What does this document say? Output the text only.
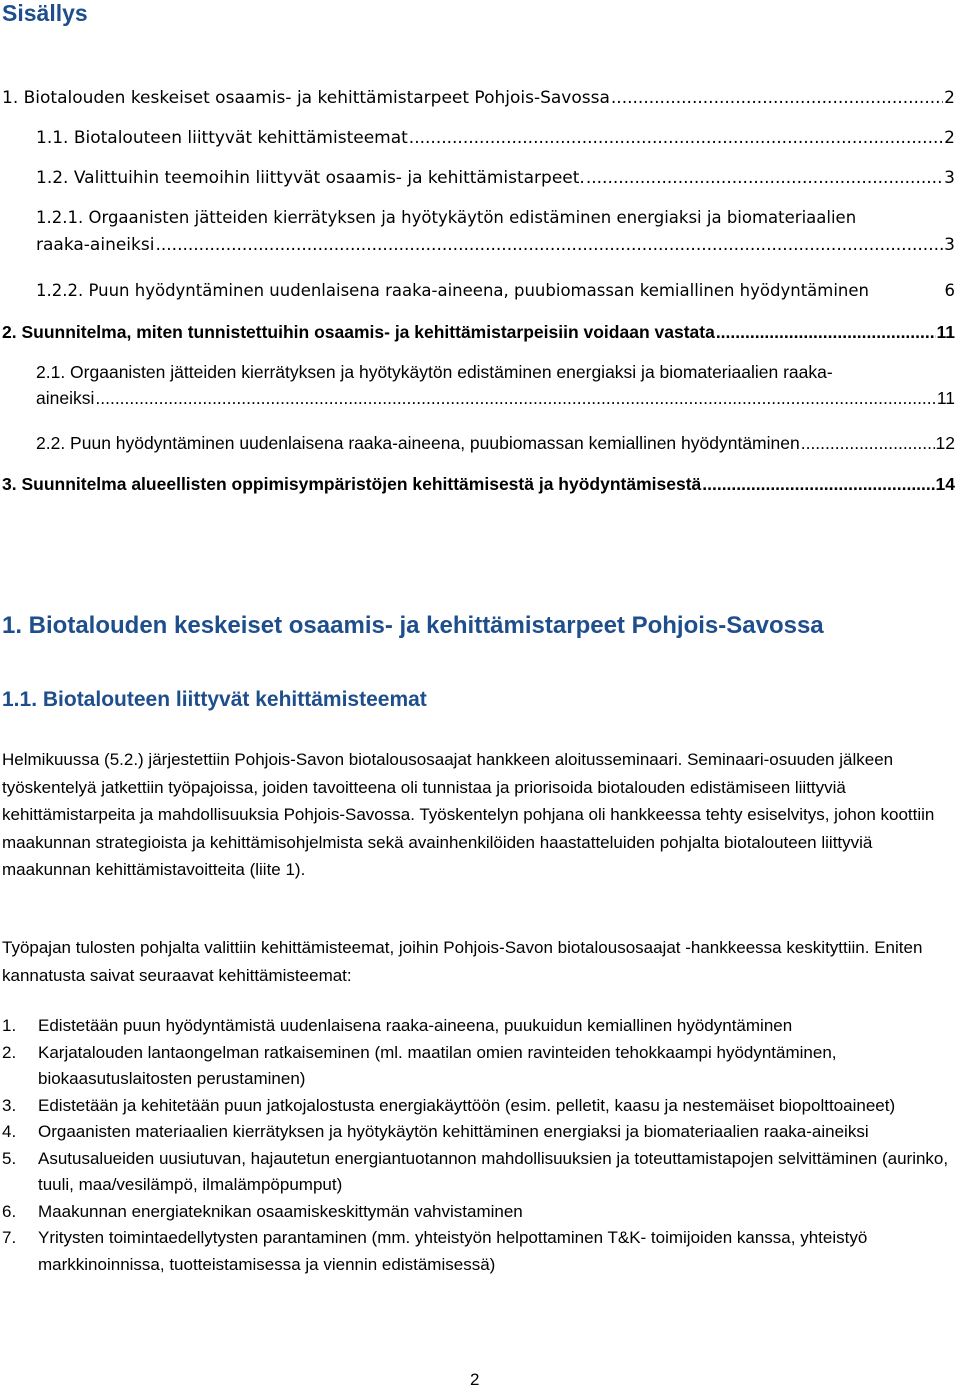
Sisällys
1. Biotalouden keskeiset osaamis- ja kehittämistarpeet Pohjois-Savossa .....	2
1.1. Biotalouteen liittyvät kehittämisteemat .....	2
1.2. Valittuihin teemoihin liittyvät osaamis- ja kehittämistarpeet. .....	3
1.2.1. Orgaanisten jätteiden kierrätyksen ja hyötykäytön edistäminen energiaksi ja biomateriaalien
raaka-aineiksi .....	3
1.2.2. Puun hyödyntäminen uudenlaisena raaka-aineena, puubiomassan kemiallinen hyödyntäminen	6
2. Suunnitelma, miten tunnistettuihin osaamis- ja kehittämistarpeisiin voidaan vastata .....	11
2.1. Orgaanisten jätteiden kierrätyksen ja hyötykäytön edistäminen energiaksi ja biomateriaalien raaka-
aineiksi .....	11
2.2. Puun hyödyntäminen uudenlaisena raaka-aineena, puubiomassan kemiallinen hyödyntäminen .....	12
3. Suunnitelma alueellisten oppimisympäristöjen kehittämisestä ja hyödyntämisestä .....	14
1. Biotalouden keskeiset osaamis- ja kehittämistarpeet Pohjois-Savossa
1.1. Biotalouteen liittyvät kehittämisteemat

Helmikuussa (5.2.) järjestettiin Pohjois-Savon biotalousosaajat hankkeen aloitusseminaari. Seminaari-osuuden jälkeen työskentelyä jatkettiin työpajoissa, joiden tavoitteena oli tunnistaa ja priorisoida biotalouden edistämiseen liittyviä kehittämistarpeita ja mahdollisuuksia Pohjois-Savossa. Työskentelyn pohjana oli hankkeessa tehty esiselvitys, johon koottiin maakunnan strategioista ja kehittämisohjelmista sekä avainhenkilöiden haastatteluiden pohjalta biotalouteen liittyviä maakunnan kehittämistavoitteita (liite 1).

Työpajan tulosten pohjalta valittiin kehittämisteemat, joihin Pohjois-Savon biotalousosaajat -hankkeessa keskityttiin. Eniten kannatusta saivat seuraavat kehittämisteemat:

1. Edistetään puun hyödyntämistä uudenlaisena raaka-aineena, puukuidun kemiallinen hyödyntäminen
2. Karjatalouden lantaongelman ratkaiseminen (ml. maatilan omien ravinteiden tehokkaampi hyödyntäminen, biokaasutuslaitosten perustaminen)
3. Edistetään ja kehitetään puun jatkojalostusta energiakäyttöön (esim. pelletit, kaasu ja nestemäiset biopolttoaineet)
4. Orgaanisten materiaalien kierrätyksen ja hyötykäytön kehittäminen energiaksi ja biomateriaalien raaka-aineiksi
5. Asutusalueiden uusiutuvan, hajautetun energiantuotannon mahdollisuuksien ja toteuttamistapojen selvittäminen (aurinko, tuuli, maa/vesilämpö, ilmalämpöpumput)
6. Maakunnan energiateknikan osaamiskeskittymän vahvistaminen
7. Yritysten toimintaedellytysten parantaminen (mm. yhteistyön helpottaminen T&K- toimijoiden kanssa, yhteistyö markkinoinnissa, tuotteistamisessa ja viennin edistämisessä)
2
